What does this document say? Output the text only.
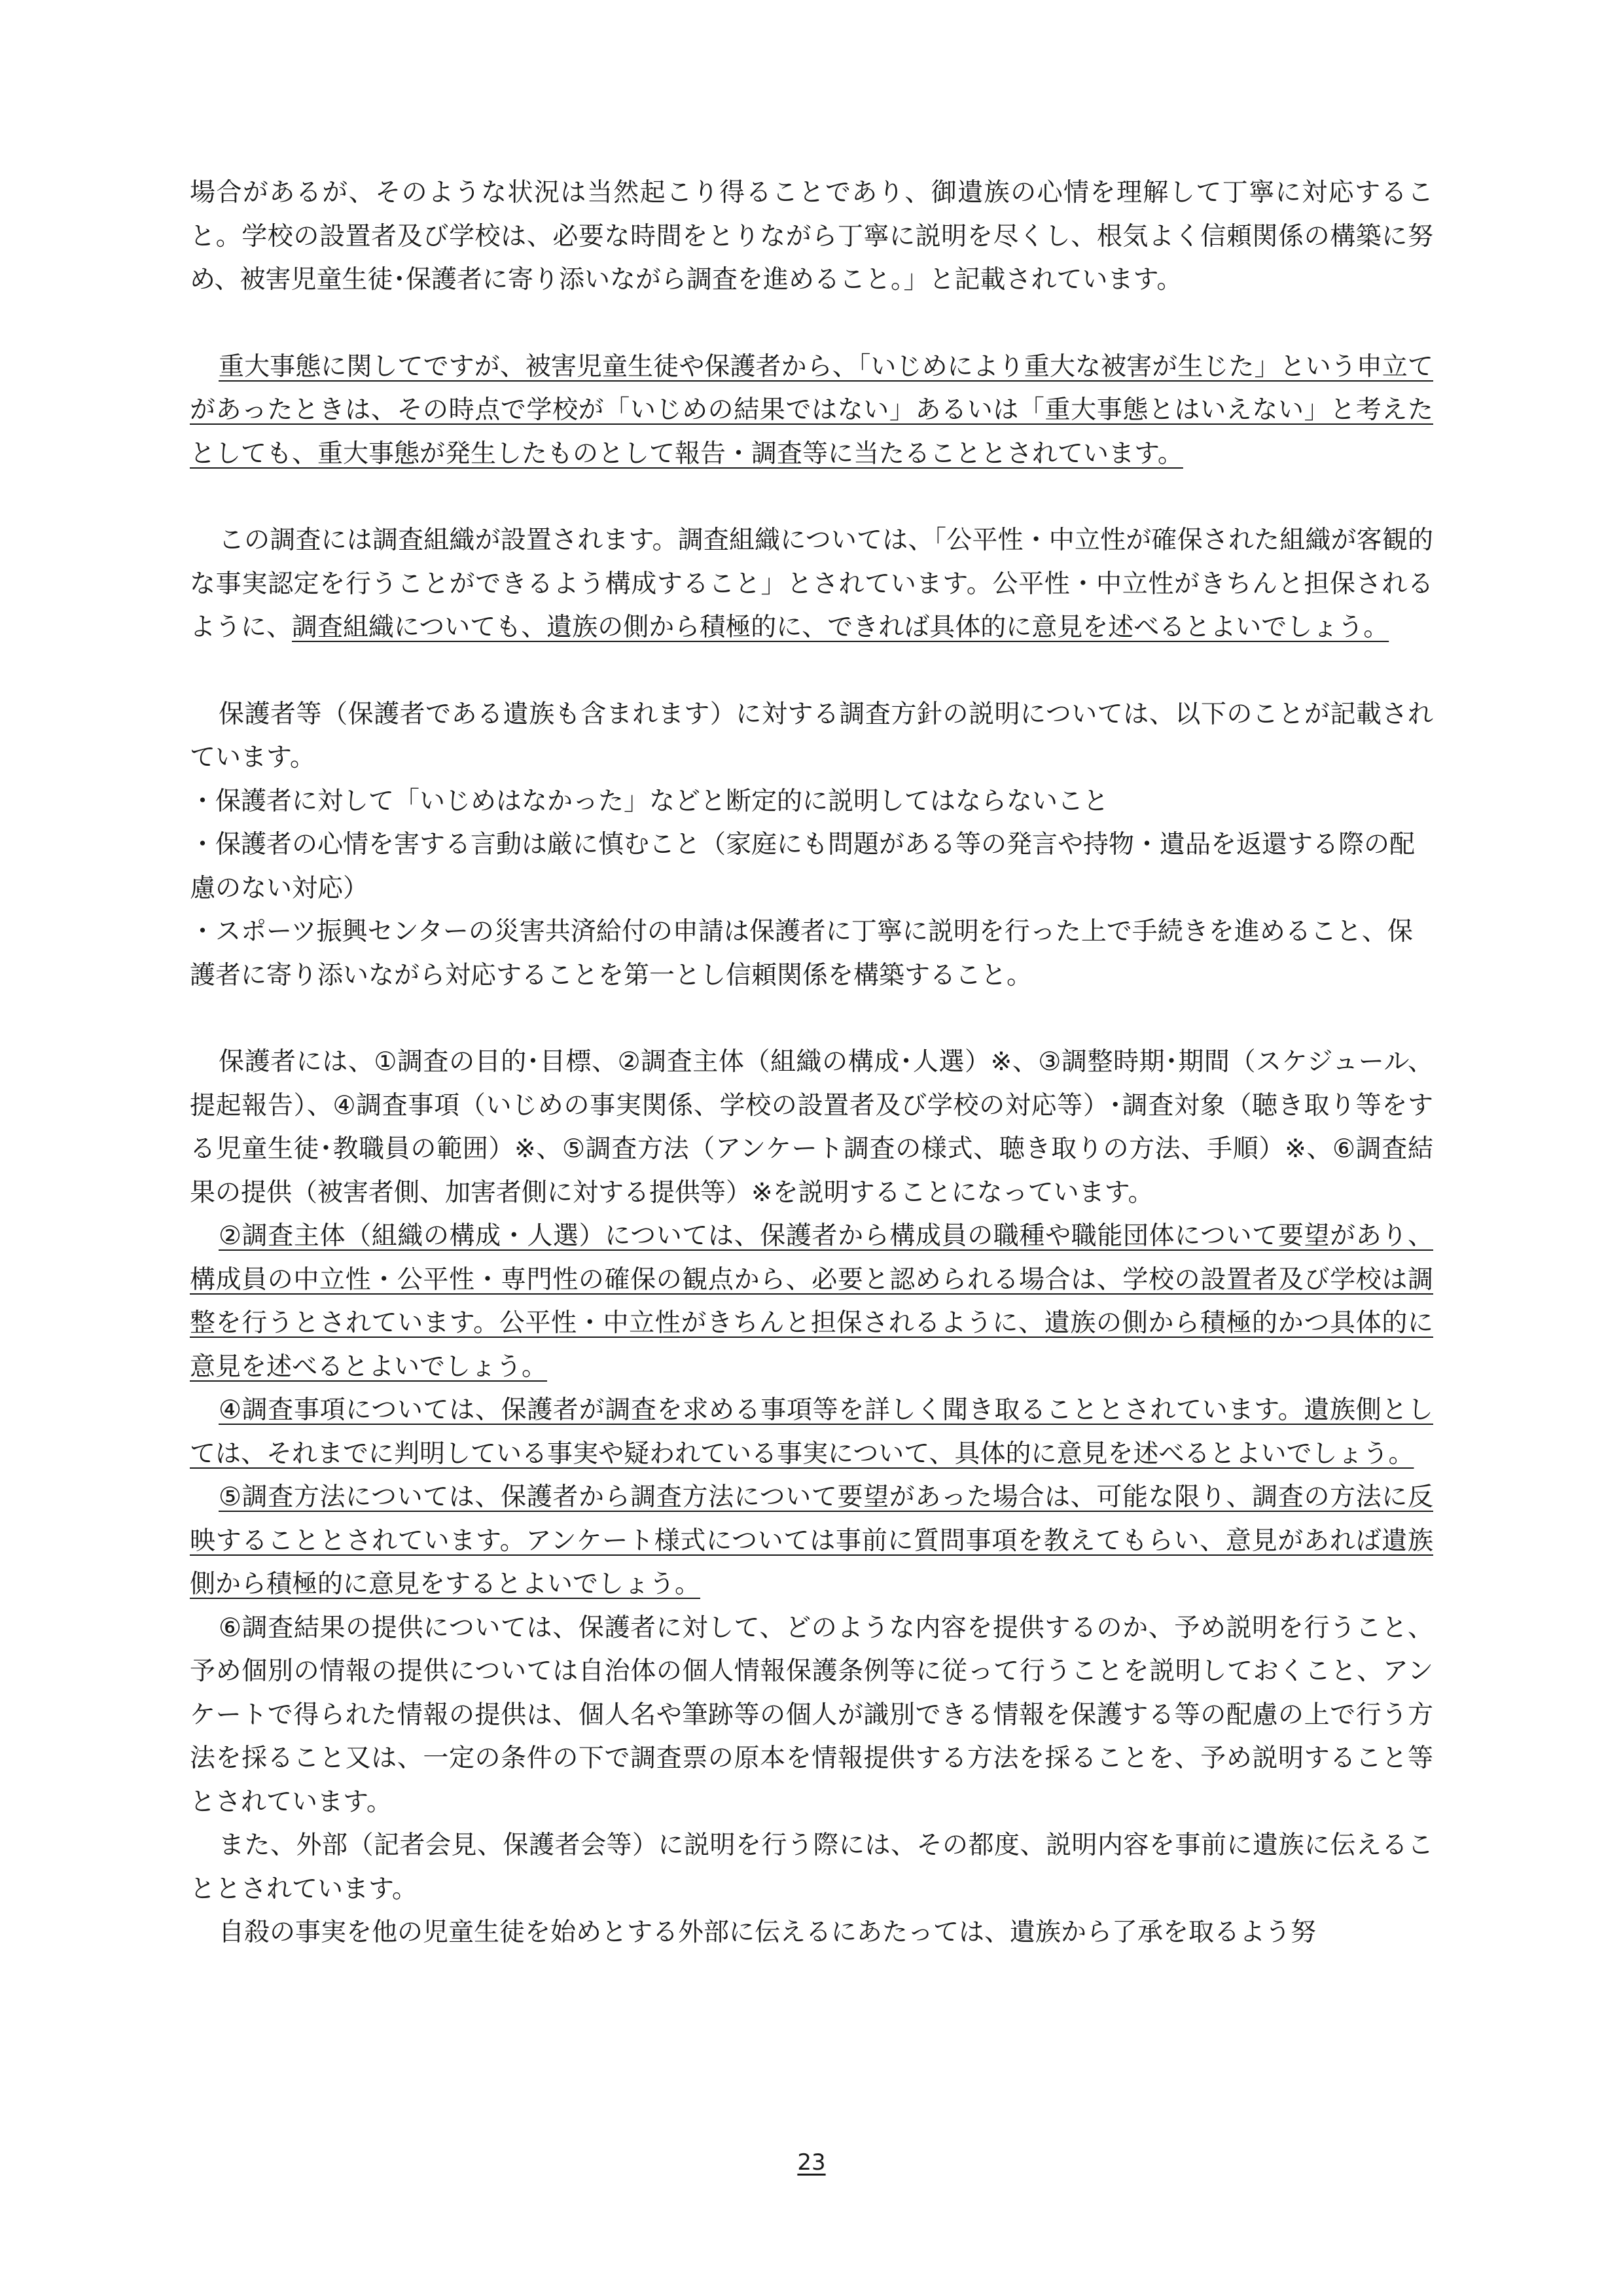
場合があるが、そのような状況は当然起こり得ることであり、御遺族の心情を理解して丁寧に対応すること。学校の設置者及び学校は、必要な時間をとりながら丁寧に説明を尽くし、根気よく信頼関係の構築に努め、被害児童生徒･保護者に寄り添いながら調査を進めること。」と記載されています。

重大事態に関してですが、被害児童生徒や保護者から、「いじめにより重大な被害が生じた」という申立てがあったときは、その時点で学校が「いじめの結果ではない」あるいは「重大事態とはいえない」と考えたとしても、重大事態が発生したものとして報告・調査等に当たることとされています。

この調査には調査組織が設置されます。調査組織については、「公平性・中立性が確保された組織が客観的な事実認定を行うことができるよう構成すること」とされています。公平性・中立性がきちんと担保されるように、調査組織についても、遺族の側から積極的に、できれば具体的に意見を述べるとよいでしょう。

保護者等（保護者である遺族も含まれます）に対する調査方針の説明については、以下のことが記載されています。

・保護者に対して「いじめはなかった」などと断定的に説明してはならないこと

・保護者の心情を害する言動は厳に慎むこと（家庭にも問題がある等の発言や持物・遺品を返還する際の配慮のない対応）

・スポーツ振興センターの災害共済給付の申請は保護者に丁寧に説明を行った上で手続きを進めること、保護者に寄り添いながら対応することを第一とし信頼関係を構築すること。

保護者には、①調査の目的･目標、②調査主体（組織の構成･人選）※、③調整時期･期間（スケジュール、提起報告）、④調査事項（いじめの事実関係、学校の設置者及び学校の対応等）･調査対象（聴き取り等をする児童生徒･教職員の範囲）※、⑤調査方法（アンケート調査の様式、聴き取りの方法、手順）※、⑥調査結果の提供（被害者側、加害者側に対する提供等）※を説明することになっています。

②調査主体（組織の構成・人選）については、保護者から構成員の職種や職能団体について要望があり、構成員の中立性・公平性・専門性の確保の観点から、必要と認められる場合は、学校の設置者及び学校は調整を行うとされています。公平性・中立性がきちんと担保されるように、遺族の側から積極的かつ具体的に意見を述べるとよいでしょう。

④調査事項については、保護者が調査を求める事項等を詳しく聞き取ることとされています。遺族側としては、それまでに判明している事実や疑われている事実について、具体的に意見を述べるとよいでしょう。

⑤調査方法については、保護者から調査方法について要望があった場合は、可能な限り、調査の方法に反映することとされています。アンケート様式については事前に質問事項を教えてもらい、意見があれば遺族側から積極的に意見をするとよいでしょう。

⑥調査結果の提供については、保護者に対して、どのような内容を提供するのか、予め説明を行うこと、予め個別の情報の提供については自治体の個人情報保護条例等に従って行うことを説明しておくこと、アンケートで得られた情報の提供は、個人名や筆跡等の個人が識別できる情報を保護する等の配慮の上で行う方法を採ること又は、一定の条件の下で調査票の原本を情報提供する方法を採ることを、予め説明すること等とされています。

また、外部（記者会見、保護者会等）に説明を行う際には、その都度、説明内容を事前に遺族に伝えることとされています。

自殺の事実を他の児童生徒を始めとする外部に伝えるにあたっては、遺族から了承を取るよう努

23
